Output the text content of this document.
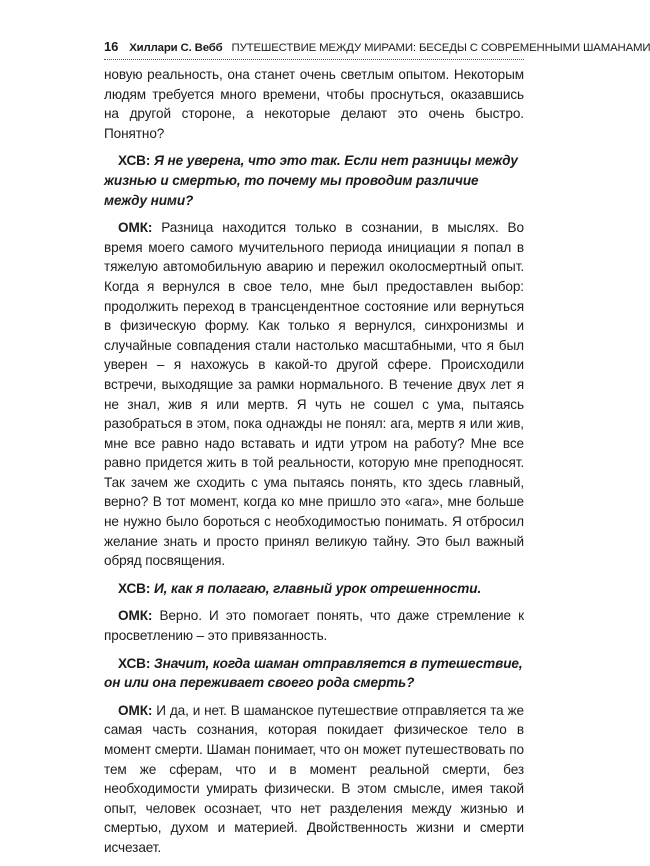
16 Хиллари С. Вебб ПУТЕШЕСТВИЕ МЕЖДУ МИРАМИ: БЕСЕДЫ С СОВРЕМЕННЫМИ ШАМАНАМИ

новую реальность, она станет очень светлым опытом. Некоторым людям требуется много времени, чтобы проснуться, оказавшись на другой стороне, а некоторые делают это очень быстро. Понятно?

ХСВ: Я не уверена, что это так. Если нет разницы между жизнью и смертью, то почему мы проводим различие между ними?

ОМК: Разница находится только в сознании, в мыслях. Во время моего самого мучительного периода инициации я попал в тяжелую автомобильную аварию и пережил околосмертный опыт. Когда я вернулся в свое тело, мне был предоставлен выбор: продолжить переход в трансцендентное состояние или вернуться в физическую форму. Как только я вернулся, синхронизмы и случайные совпадения стали настолько масштабными, что я был уверен – я нахожусь в какой-то другой сфере. Происходили встречи, выходящие за рамки нормального. В течение двух лет я не знал, жив я или мертв. Я чуть не сошел с ума, пытаясь разобраться в этом, пока однажды не понял: ага, мертв я или жив, мне все равно надо вставать и идти утром на работу? Мне все равно придется жить в той реальности, которую мне преподносят. Так зачем же сходить с ума пытаясь понять, кто здесь главный, верно? В тот момент, когда ко мне пришло это «ага», мне больше не нужно было бороться с необходимостью понимать. Я отбросил желание знать и просто принял великую тайну. Это был важный обряд посвящения.

ХСВ: И, как я полагаю, главный урок отрешенности.

ОМК: Верно. И это помогает понять, что даже стремление к просветлению – это привязанность.

ХСВ: Значит, когда шаман отправляется в путешествие, он или она переживает своего рода смерть?

ОМК: И да, и нет. В шаманское путешествие отправляется та же самая часть сознания, которая покидает физическое тело в момент смерти. Шаман понимает, что он может путешествовать по тем же сферам, что и в момент реальной смерти, без необходимости умирать физически. В этом смысле, имея такой опыт, человек осознает, что нет разделения между жизнью и смертью, духом и материей. Двойственность жизни и смерти исчезает.
